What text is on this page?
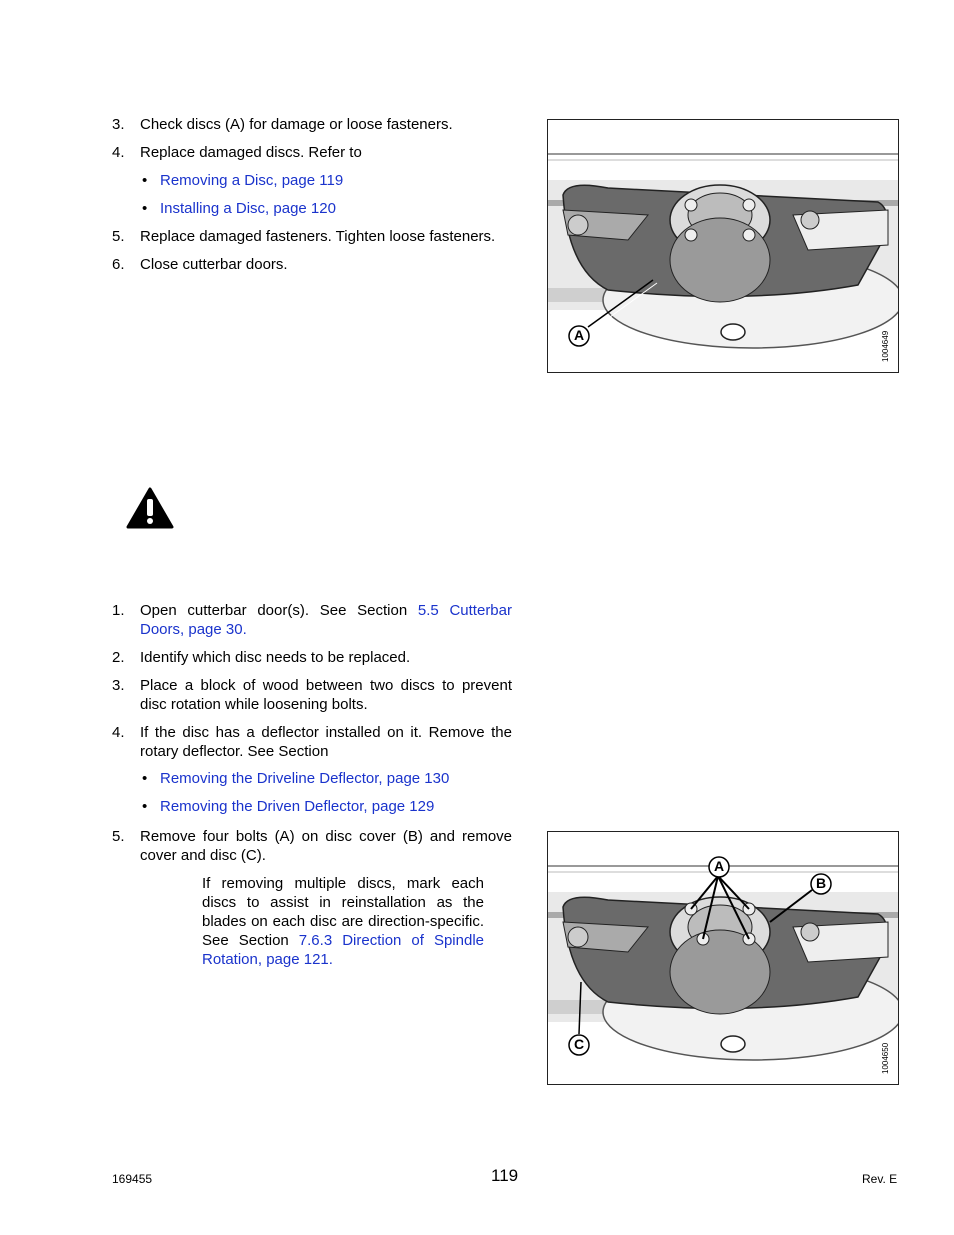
3. Check discs (A) for damage or loose fasteners.
4. Replace damaged discs. Refer to
• Removing a Disc, page 119
• Installing a Disc, page 120
5. Replace damaged fasteners. Tighten loose fasteners.
6. Close cutterbar doors.
A	1004649
1. Open cutterbar door(s). See Section 5.5 Cutterbar Doors, page 30.
2. Identify which disc needs to be replaced.
3. Place a block of wood between two discs to prevent disc rotation while loosening bolts.
4. If the disc has a deflector installed on it. Remove the rotary deflector. See Section
• Removing the Driveline Deflector, page 130
• Removing the Driven Deflector, page 129
5. Remove four bolts (A) on disc cover (B) and remove cover and disc (C).
If removing multiple discs, mark each discs to assist in reinstallation as the blades on each disc are direction-specific. See Section 7.6.3 Direction of Spindle Rotation, page 121.
A
B
C	1004650
169455	119	Rev. E
